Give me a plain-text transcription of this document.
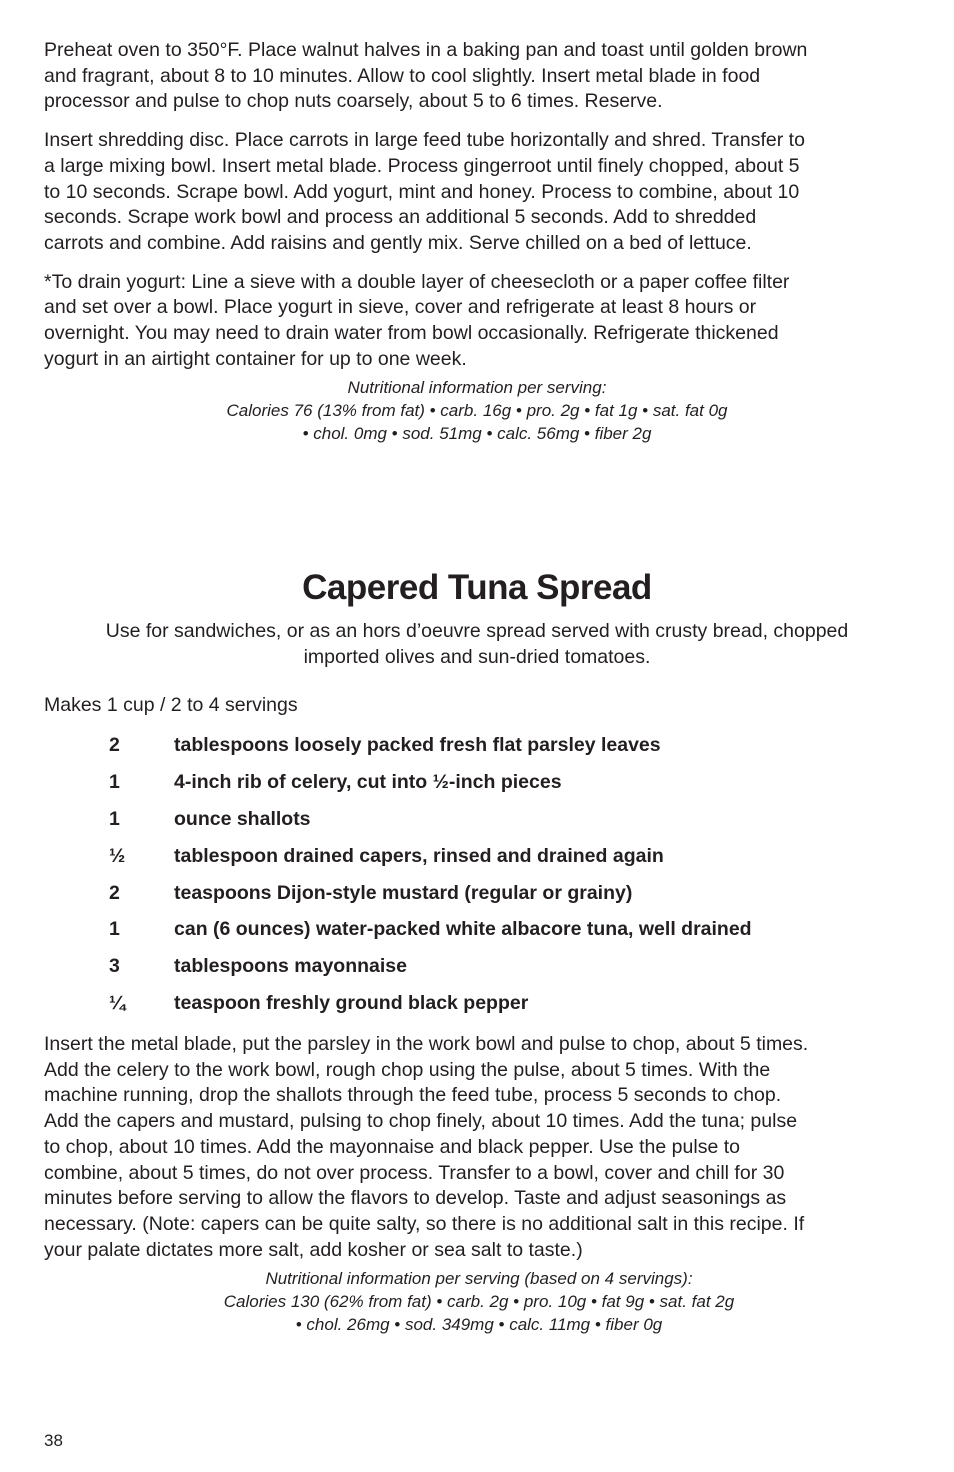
Preheat oven to 350°F. Place walnut halves in a baking pan and toast until golden brown
and fragrant, about 8 to 10 minutes. Allow to cool slightly. Insert metal blade in food
processor and pulse to chop nuts coarsely, about 5 to 6 times. Reserve.

Insert shredding disc. Place carrots in large feed tube horizontally and shred. Transfer to
a large mixing bowl. Insert metal blade. Process gingerroot until finely chopped, about 5
to 10 seconds. Scrape bowl. Add yogurt, mint and honey. Process to combine, about 10
seconds. Scrape work bowl and process an additional 5 seconds. Add to shredded
carrots and combine. Add raisins and gently mix. Serve chilled on a bed of lettuce.

*To drain yogurt: Line a sieve with a double layer of cheesecloth or a paper coffee filter
and set over a bowl. Place yogurt in sieve, cover and refrigerate at least 8 hours or
overnight. You may need to drain water from bowl occasionally. Refrigerate thickened
yogurt in an airtight container for up to one week.

Nutritional information per serving:
Calories 76 (13% from fat) • carb. 16g • pro. 2g • fat 1g • sat. fat 0g
• chol. 0mg • sod. 51mg • calc. 56mg • fiber 2g
Capered Tuna Spread

Use for sandwiches, or as an hors d’oeuvre spread served with crusty bread, chopped
imported olives and sun-dried tomatoes.

Makes 1 cup / 2 to 4 servings

2	tablespoons loosely packed fresh flat parsley leaves
1	4-inch rib of celery, cut into ½-inch pieces
1	ounce shallots
½	tablespoon drained capers, rinsed and drained again
2	teaspoons Dijon-style mustard (regular or grainy)
1	can (6 ounces) water-packed white albacore tuna, well drained
3	tablespoons mayonnaise
¼	teaspoon freshly ground black pepper

Insert the metal blade, put the parsley in the work bowl and pulse to chop, about 5 times.
Add the celery to the work bowl, rough chop using the pulse, about 5 times. With the
machine running, drop the shallots through the feed tube, process 5 seconds to chop.
Add the capers and mustard, pulsing to chop finely, about 10 times. Add the tuna; pulse
to chop, about 10 times. Add the mayonnaise and black pepper. Use the pulse to
combine, about 5 times, do not over process. Transfer to a bowl, cover and chill for 30
minutes before serving to allow the flavors to develop. Taste and adjust seasonings as
necessary. (Note: capers can be quite salty, so there is no additional salt in this recipe. If
your palate dictates more salt, add kosher or sea salt to taste.)

Nutritional information per serving (based on 4 servings):
Calories 130 (62% from fat) • carb. 2g • pro. 10g • fat 9g • sat. fat 2g
• chol. 26mg • sod. 349mg • calc. 11mg • fiber 0g

38
